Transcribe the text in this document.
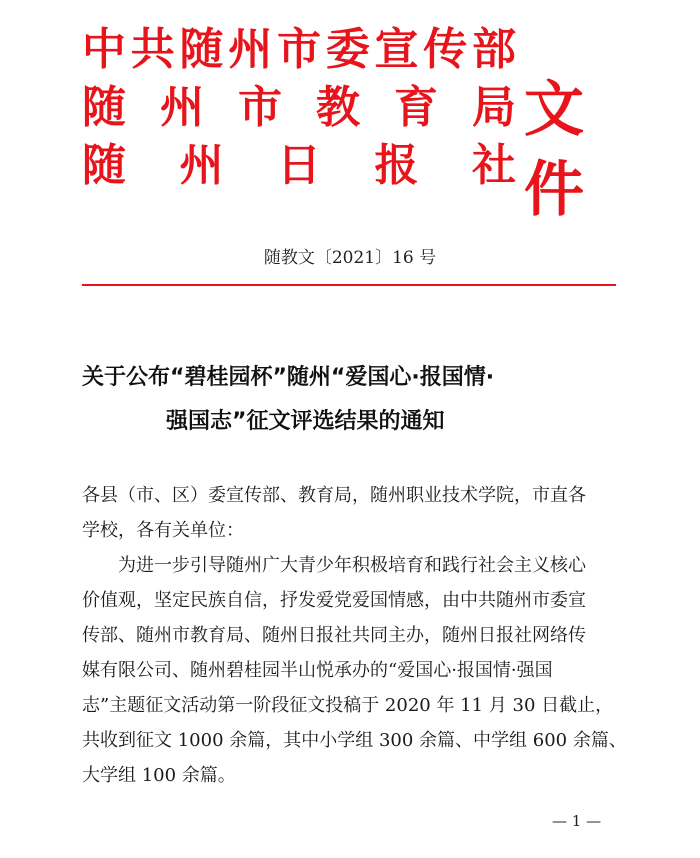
中 共 随 州 市 委 宣 传 部
随 州 市 教 育 局
随 州 日 报 社
文件
随教文〔2021〕16 号
关于公布“碧桂园杯”随州“爱国心·报国情·
强国志”征文评选结果的通知
各县（市、区）委宣传部、教育局，随州职业技术学院，市直各
学校，各有关单位：
为进一步引导随州广大青少年积极培育和践行社会主义核心
价值观，坚定民族自信，抒发爱党爱国情感，由中共随州市委宣
传部、随州市教育局、随州日报社共同主办，随州日报社网络传
媒有限公司、随州碧桂园半山悦承办的“爱国心·报国情·强国
志”主题征文活动第一阶段征文投稿于 2020 年 11 月 30 日截止，
共收到征文 1000 余篇，其中小学组 300 余篇、中学组 600 余篇、
大学组 100 余篇。
— 1 —
